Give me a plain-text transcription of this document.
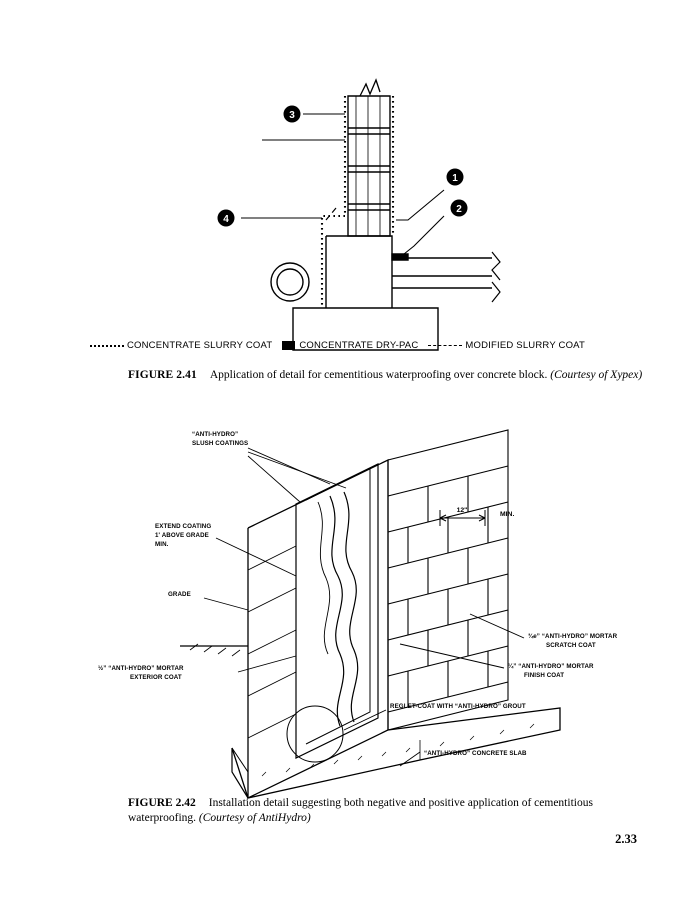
3
1
2
4
CONCENTRATE SLURRY COAT	CONCENTRATE DRY-PAC	MODIFIED SLURRY COAT
FIGURE 2.41 Application of detail for cementitious waterproofing over concrete block. (Courtesy of Xypex)
12"
MIN.
“ANTI-HYDRO”
SLUSH COATINGS
EXTEND COATING
1' ABOVE GRADE
MIN.
GRADE
½” “ANTI-HYDRO” MORTAR
EXTERIOR COAT
¾e” “ANTI-HYDRO” MORTAR
SCRATCH COAT
¼” “ANTI-HYDRO” MORTAR
FINISH COAT
REGLET-COAT WITH “ANTI-HYDRO” GROUT
“ANTI-HYDRO” CONCRETE SLAB
FIGURE 2.42 Installation detail suggesting both negative and positive application of cementitious waterproofing. (Courtesy of AntiHydro)
2.33
